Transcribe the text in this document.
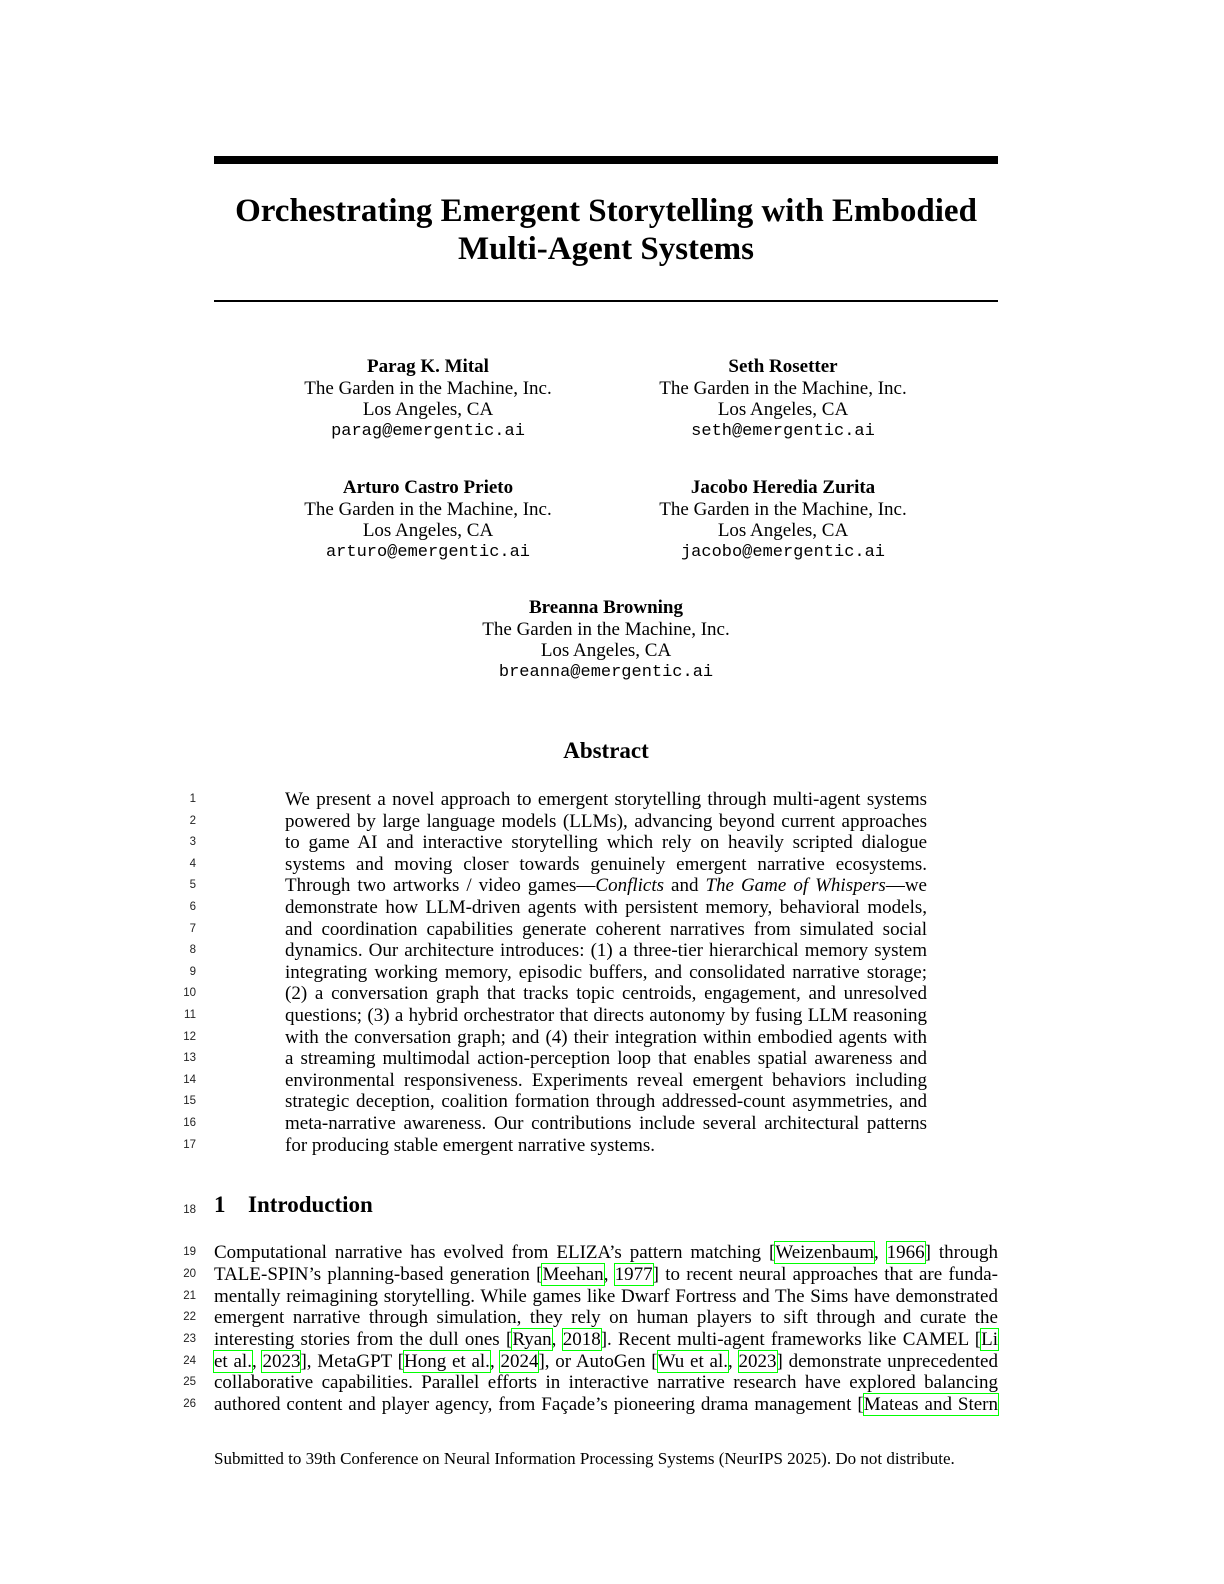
Orchestrating Emergent Storytelling with Embodied
Multi-Agent Systems
Parag K. Mital
The Garden in the Machine, Inc.
Los Angeles, CA
parag@emergentic.ai
Seth Rosetter
The Garden in the Machine, Inc.
Los Angeles, CA
seth@emergentic.ai
Arturo Castro Prieto
The Garden in the Machine, Inc.
Los Angeles, CA
arturo@emergentic.ai
Jacobo Heredia Zurita
The Garden in the Machine, Inc.
Los Angeles, CA
jacobo@emergentic.ai
Breanna Browning
The Garden in the Machine, Inc.
Los Angeles, CA
breanna@emergentic.ai
Abstract
1	We present a novel approach to emergent storytelling through multi-agent systems
2	powered by large language models (LLMs), advancing beyond current approaches
3	to game AI and interactive storytelling which rely on heavily scripted dialogue
4	systems and moving closer towards genuinely emergent narrative ecosystems.
5	Through two artworks / video games—Conflicts and The Game of Whispers—we
6	demonstrate how LLM-driven agents with persistent memory, behavioral models,
7	and coordination capabilities generate coherent narratives from simulated social
8	dynamics. Our architecture introduces: (1) a three-tier hierarchical memory system
9	integrating working memory, episodic buffers, and consolidated narrative storage;
10	(2) a conversation graph that tracks topic centroids, engagement, and unresolved
11	questions; (3) a hybrid orchestrator that directs autonomy by fusing LLM reasoning
12	with the conversation graph; and (4) their integration within embodied agents with
13	a streaming multimodal action-perception loop that enables spatial awareness and
14	environmental responsiveness. Experiments reveal emergent behaviors including
15	strategic deception, coalition formation through addressed-count asymmetries, and
16	meta-narrative awareness. Our contributions include several architectural patterns
17	for producing stable emergent narrative systems.
18 1 Introduction
19 Computational narrative has evolved from ELIZA’s pattern matching [Weizenbaum, 1966] through
20 TALE-SPIN’s planning-based generation [Meehan, 1977] to recent neural approaches that are funda-
21 mentally reimagining storytelling. While games like Dwarf Fortress and The Sims have demonstrated
22 emergent narrative through simulation, they rely on human players to sift through and curate the
23 interesting stories from the dull ones [Ryan, 2018]. Recent multi-agent frameworks like CAMEL [Li
24 et al., 2023], MetaGPT [Hong et al., 2024], or AutoGen [Wu et al., 2023] demonstrate unprecedented
25 collaborative capabilities. Parallel efforts in interactive narrative research have explored balancing
26 authored content and player agency, from Façade’s pioneering drama management [Mateas and Stern
Submitted to 39th Conference on Neural Information Processing Systems (NeurIPS 2025). Do not distribute.
